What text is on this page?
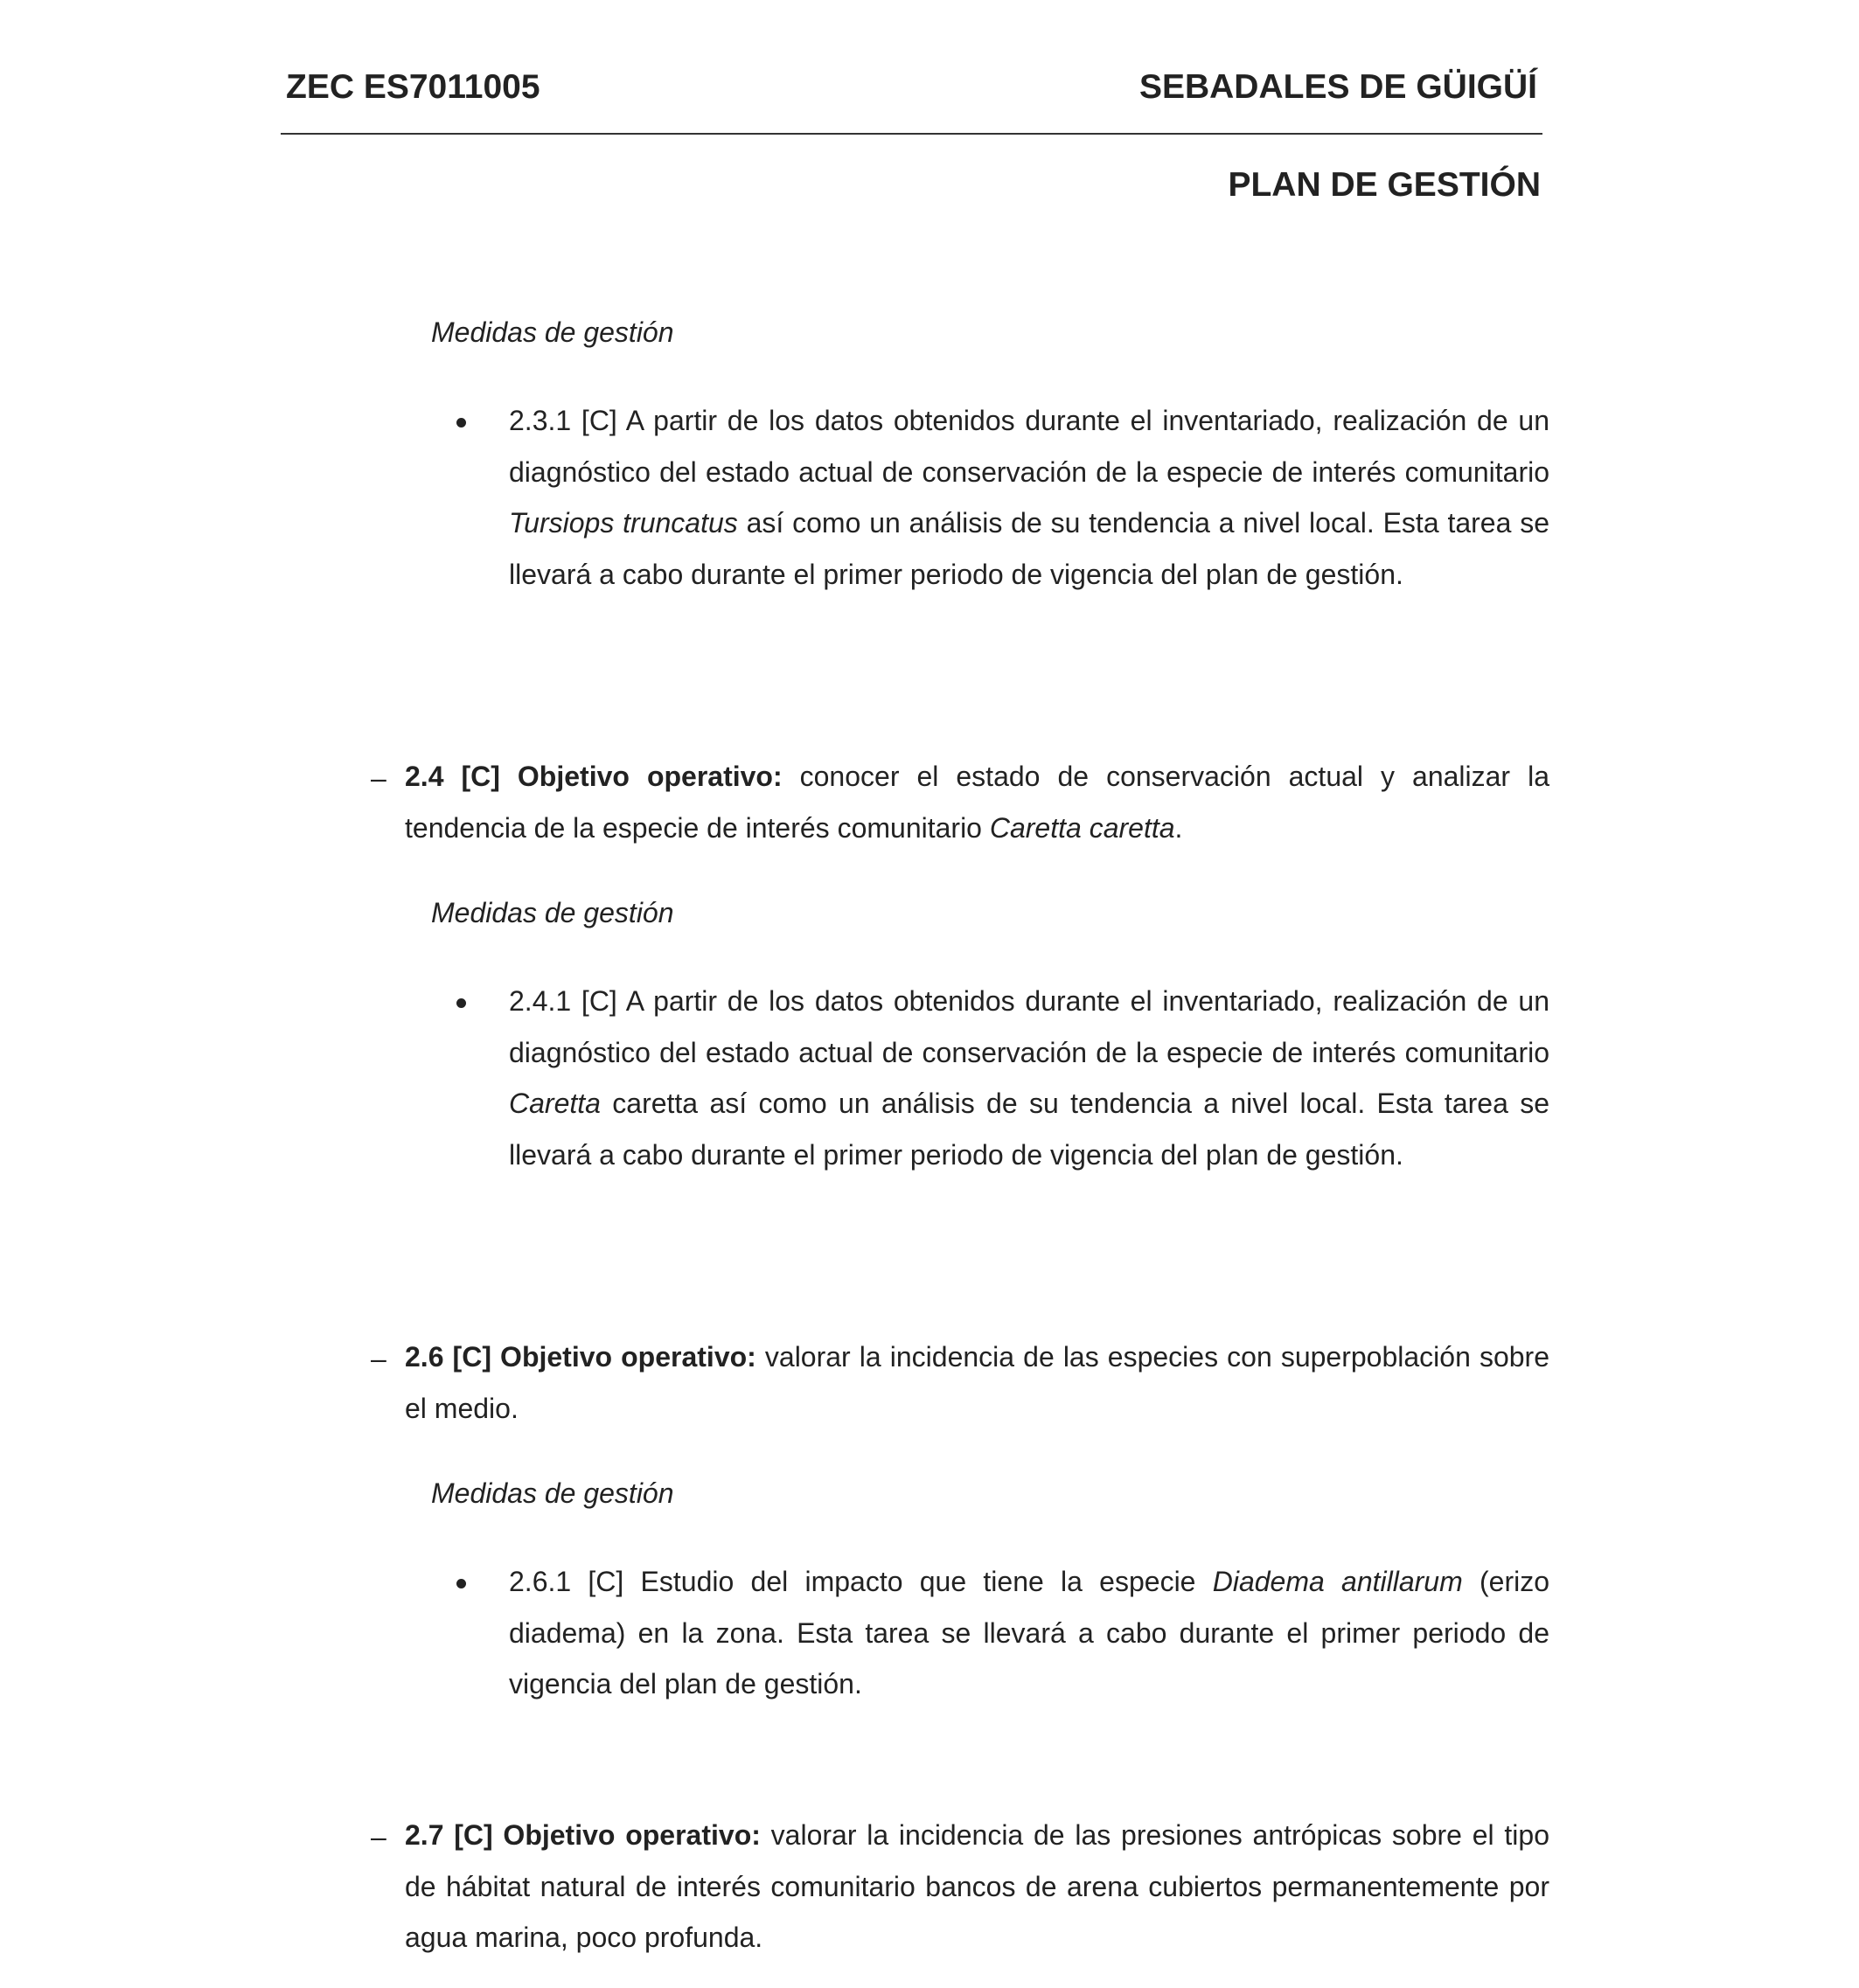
ZEC ES7011005	SEBADALES DE GÜIGÜÍ
PLAN DE GESTIÓN
Medidas de gestión
2.3.1 [C] A partir de los datos obtenidos durante el inventariado, realización de un diagnóstico del estado actual de conservación de la especie de interés comunitario Tursiops truncatus así como un análisis de su tendencia a nivel local. Esta tarea se llevará a cabo durante el primer periodo de vigencia del plan de gestión.
– 2.4 [C] Objetivo operativo: conocer el estado de conservación actual y analizar la tendencia de la especie de interés comunitario Caretta caretta.
Medidas de gestión
2.4.1 [C] A partir de los datos obtenidos durante el inventariado, realización de un diagnóstico del estado actual de conservación de la especie de interés comunitario Caretta caretta así como un análisis de su tendencia a nivel local. Esta tarea se llevará a cabo durante el primer periodo de vigencia del plan de gestión.
– 2.6 [C] Objetivo operativo: valorar la incidencia de las especies con superpoblación sobre el medio.
Medidas de gestión
2.6.1 [C] Estudio del impacto que tiene la especie Diadema antillarum (erizo diadema) en la zona. Esta tarea se llevará a cabo durante el primer periodo de vigencia del plan de gestión.
– 2.7 [C] Objetivo operativo: valorar la incidencia de las presiones antrópicas sobre el tipo de hábitat natural de interés comunitario bancos de arena cubiertos permanentemente por agua marina, poco profunda.
